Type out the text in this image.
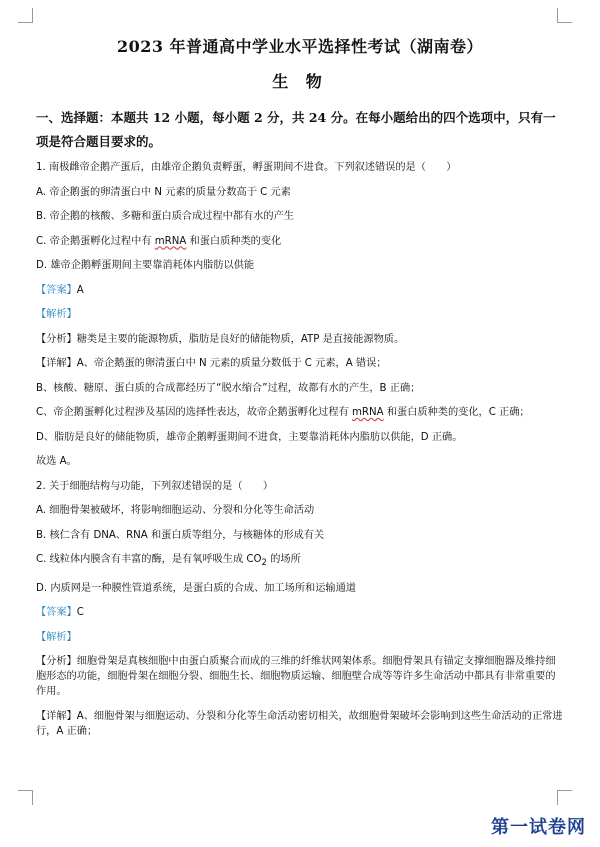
2023 年普通高中学业水平选择性考试（湖南卷）
生 物
一、选择题：本题共 12 小题，每小题 2 分，共 24 分。在每小题给出的四个选项中，只有一项是符合题目要求的。
1. 南极雌帝企鹅产蛋后，由雄帝企鹅负责孵蛋，孵蛋期间不进食。下列叙述错误的是（　　）
A. 帝企鹅蛋的卵清蛋白中 N 元素的质量分数高于 C 元素
B. 帝企鹅的核酸、多糖和蛋白质合成过程中都有水的产生
C. 帝企鹅蛋孵化过程中有 mRNA 和蛋白质种类的变化
D. 雄帝企鹅孵蛋期间主要靠消耗体内脂肪以供能
【答案】A
【解析】
【分析】糖类是主要的能源物质，脂肪是良好的储能物质，ATP 是直接能源物质。
【详解】A、帝企鹅蛋的卵清蛋白中 N 元素的质量分数低于 C 元素，A 错误；
B、核酸、糖原、蛋白质的合成都经历了“脱水缩合”过程，故都有水的产生，B 正确；
C、帝企鹅蛋孵化过程涉及基因的选择性表达，故帝企鹅蛋孵化过程有 mRNA 和蛋白质种类的变化，C 正确；
D、脂肪是良好的储能物质，雄帝企鹅孵蛋期间不进食，主要靠消耗体内脂肪以供能，D 正确。
故选 A。
2. 关于细胞结构与功能，下列叙述错误的是（　　）
A. 细胞骨架被破坏，将影响细胞运动、分裂和分化等生命活动
B. 核仁含有 DNA、RNA 和蛋白质等组分，与核糖体的形成有关
C. 线粒体内膜含有丰富的酶，是有氧呼吸生成 $CO_2$ 的场所
D. 内质网是一种膜性管道系统，是蛋白质的合成、加工场所和运输通道
【答案】C
【解析】
【分析】细胞骨架是真核细胞中由蛋白质聚合而成的三维的纤维状网架体系。细胞骨架具有锚定支撑细胞器及维持细胞形态的功能，细胞骨架在细胞分裂、细胞生长、细胞物质运输、细胞壁合成等等许多生命活动中都具有非常重要的作用。
【详解】A、细胞骨架与细胞运动、分裂和分化等生命活动密切相关，故细胞骨架破坏会影响到这些生命活动的正常进行，A 正确；
第一试卷网
